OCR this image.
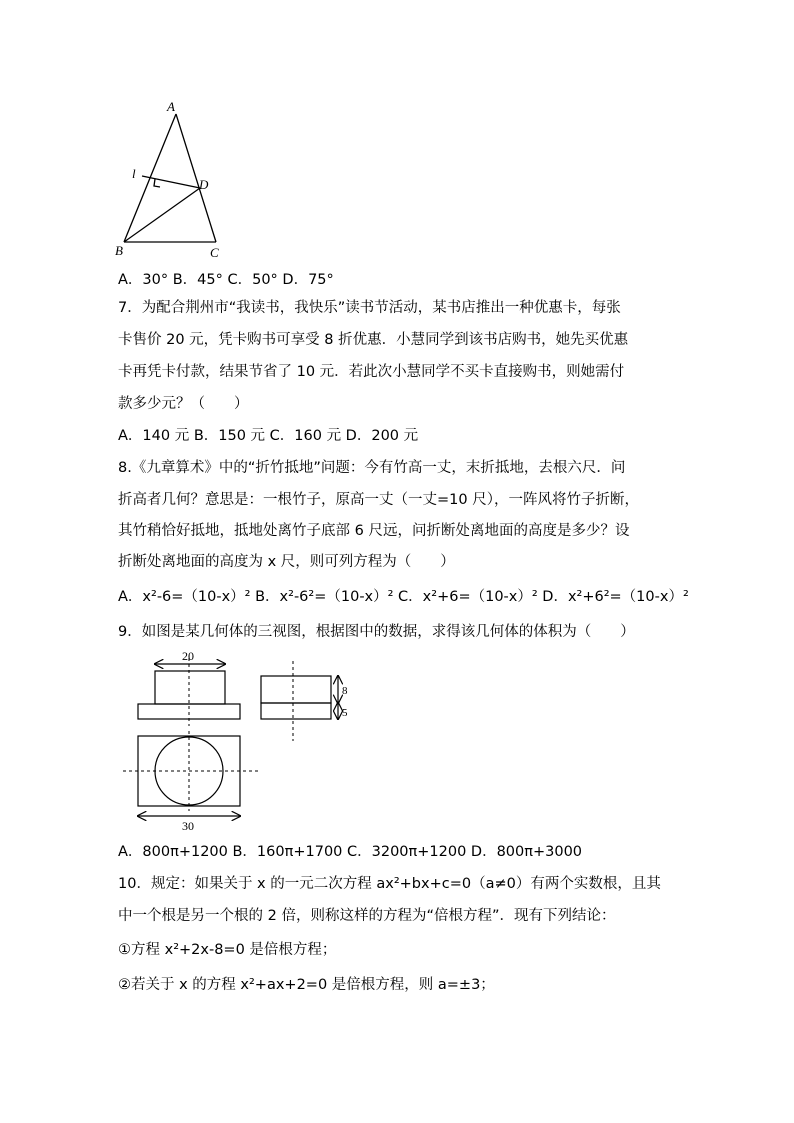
A
l
D
B	C
A．30° B．45° C．50° D．75°
7．为配合荆州市“我读书，我快乐”读书节活动，某书店推出一种优惠卡，每张
卡售价 20 元，凭卡购书可享受 8 折优惠．小慧同学到该书店购书，她先买优惠
卡再凭卡付款，结果节省了 10 元．若此次小慧同学不买卡直接购书，则她需付
款多少元？（　　）
A．140 元 B．150 元 C．160 元 D．200 元
8.《九章算术》中的“折竹抵地”问题：今有竹高一丈，末折抵地，去根六尺．问
折高者几何？意思是：一根竹子，原高一丈（一丈=10 尺），一阵风将竹子折断，
其竹稍恰好抵地，抵地处离竹子底部 6 尺远，问折断处离地面的高度是多少？设
折断处离地面的高度为 x 尺，则可列方程为（　　）
A．x²-6=（10-x）² B．x²-6²=（10-x）² C．x²+6=（10-x）² D．x²+6²=（10-x）²
9．如图是某几何体的三视图，根据图中的数据，求得该几何体的体积为（　　）
20
8
5
30
A．800π+1200 B．160π+1700 C．3200π+1200 D．800π+3000
10．规定：如果关于 x 的一元二次方程 ax²+bx+c=0（a≠0）有两个实数根，且其
中一个根是另一个根的 2 倍，则称这样的方程为“倍根方程”．现有下列结论：
①方程 x²+2x-8=0 是倍根方程；
②若关于 x 的方程 x²+ax+2=0 是倍根方程，则 a=±3；
